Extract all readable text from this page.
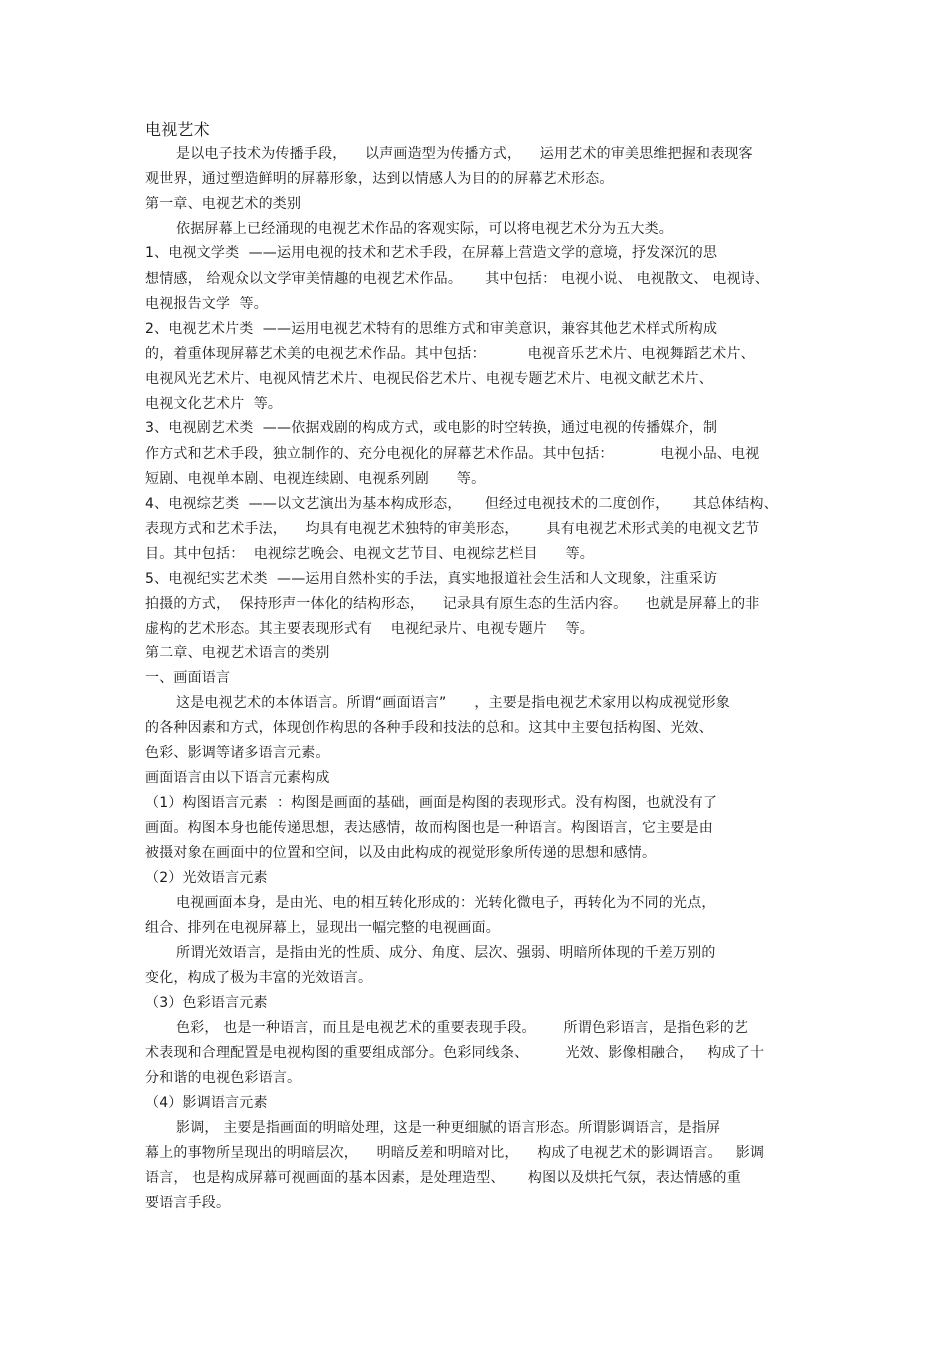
电视艺术
是以电子技术为传播手段，    以声画造型为传播方式，    运用艺术的审美思维把握和表现客
观世界，通过塑造鲜明的屏幕形象，达到以情感人为目的的屏幕艺术形态。
第一章、电视艺术的类别
依据屏幕上已经涌现的电视艺术作品的客观实际，可以将电视艺术分为五大类。
1、电视文学类  ——运用电视的技术和艺术手段，在屏幕上营造文学的意境，抒发深沉的思
想情感， 给观众以文学审美情趣的电视艺术作品。     其中包括： 电视小说、 电视散文、 电视诗、
电视报告文学  等。
2、电视艺术片类  ——运用电视艺术特有的思维方式和审美意识，兼容其他艺术样式所构成
的，着重体现屏幕艺术美的电视艺术作品。其中包括：         电视音乐艺术片、电视舞蹈艺术片、
电视风光艺术片、电视风情艺术片、电视民俗艺术片、电视专题艺术片、电视文献艺术片、
电视文化艺术片  等。
3、电视剧艺术类  ——依据戏剧的构成方式，或电影的时空转换，通过电视的传播媒介，制
作方式和艺术手段，独立制作的、充分电视化的屏幕艺术作品。其中包括：          电视小品、电视
短剧、电视单本剧、电视连续剧、电视系列剧      等。
4、电视综艺类  ——以文艺演出为基本构成形态，     但经过电视技术的二度创作，     其总体结构、
表现方式和艺术手法，    均具有电视艺术独特的审美形态，      具有电视艺术形式美的电视文艺节
目。其中包括：  电视综艺晚会、电视文艺节目、电视综艺栏目      等。
5、电视纪实艺术类  ——运用自然朴实的手法，真实地报道社会生活和人文现象，注重采访
拍摄的方式，  保持形声一体化的结构形态，    记录具有原生态的生活内容。    也就是屏幕上的非
虚构的艺术形态。其主要表现形式有    电视纪录片、电视专题片    等。
第二章、电视艺术语言的类别
一、画面语言
这是电视艺术的本体语言。所谓“画面语言”      ，主要是指电视艺术家用以构成视觉形象
的各种因素和方式，体现创作构思的各种手段和技法的总和。这其中主要包括构图、光效、
色彩、影调等诸多语言元素。
画面语言由以下语言元素构成
（1）构图语言元素  ：构图是画面的基础，画面是构图的表现形式。没有构图，也就没有了
画面。构图本身也能传递思想，表达感情，故而构图也是一种语言。构图语言，它主要是由
被摄对象在画面中的位置和空间，以及由此构成的视觉形象所传递的思想和感情。
（2）光效语言元素
电视画面本身，是由光、电的相互转化形成的：光转化微电子，再转化为不同的光点，
组合、排列在电视屏幕上，显现出一幅完整的电视画面。
所谓光效语言，是指由光的性质、成分、角度、层次、强弱、明暗所体现的千差万别的
变化，构成了极为丰富的光效语言。
（3）色彩语言元素
色彩， 也是一种语言，而且是电视艺术的重要表现手段。      所谓色彩语言，是指色彩的艺
术表现和合理配置是电视构图的重要组成部分。色彩同线条、        光效、影像相融合，   构成了十
分和谐的电视色彩语言。
（4）影调语言元素
影调， 主要是指画面的明暗处理，这是一种更细腻的语言形态。所谓影调语言，是指屏
幕上的事物所呈现出的明暗层次，    明暗反差和明暗对比，    构成了电视艺术的影调语言。   影调
语言， 也是构成屏幕可视画面的基本因素，是处理造型、     构图以及烘托气氛，表达情感的重
要语言手段。
